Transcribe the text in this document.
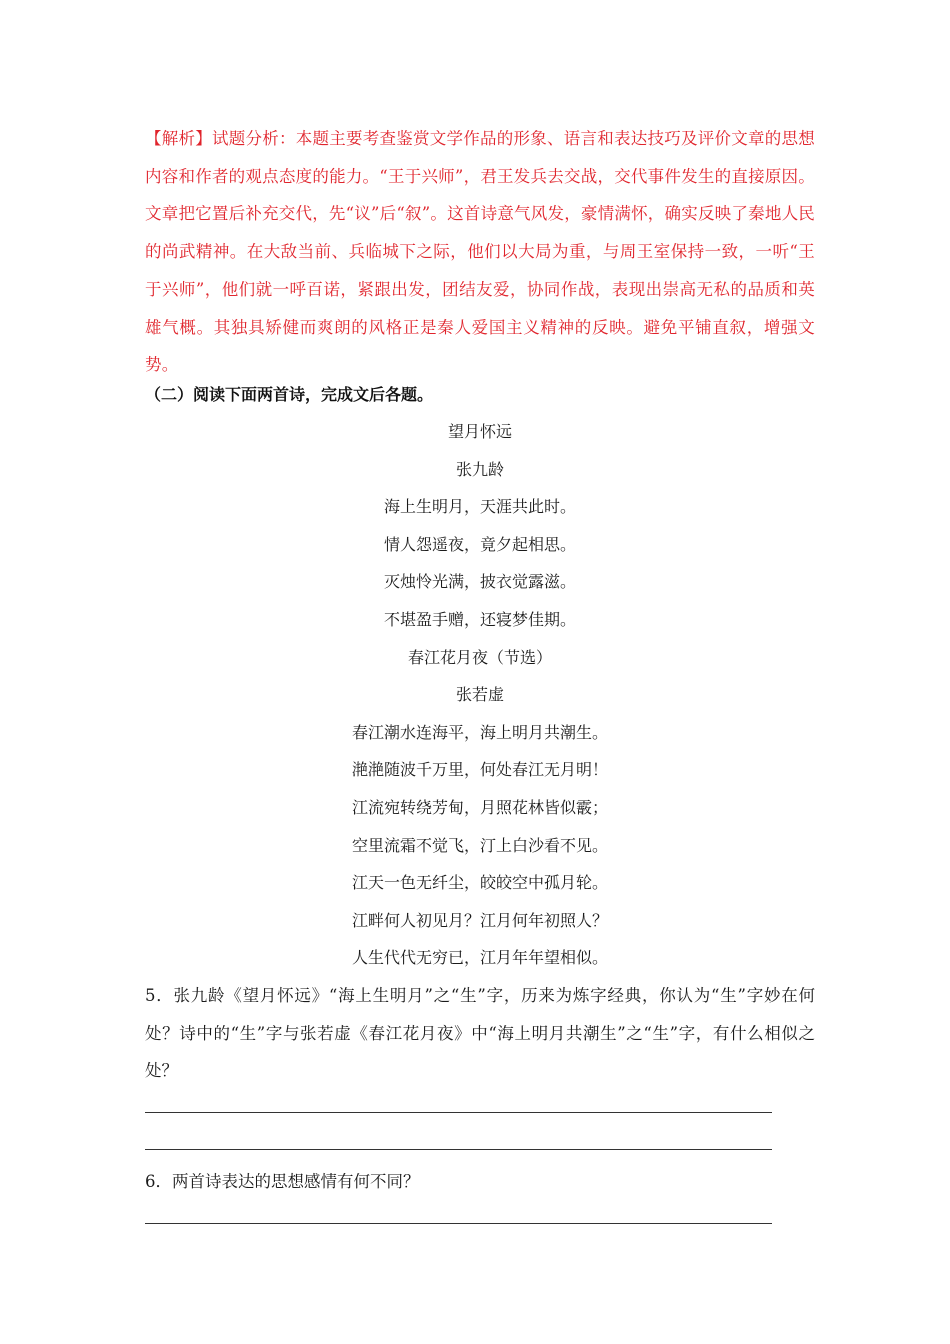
【解析】试题分析：本题主要考查鉴赏文学作品的形象、语言和表达技巧及评价文章的思想内容和作者的观点态度的能力。“王于兴师”，君王发兵去交战，交代事件发生的直接原因。文章把它置后补充交代，先“议”后“叙”。这首诗意气风发，豪情满怀，确实反映了秦地人民的尚武精神。在大敌当前、兵临城下之际，他们以大局为重，与周王室保持一致，一听“王于兴师”，他们就一呼百诺，紧跟出发，团结友爱，协同作战，表现出崇高无私的品质和英雄气概。其独具矫健而爽朗的风格正是秦人爱国主义精神的反映。避免平铺直叙，增强文势。
（二）阅读下面两首诗，完成文后各题。
望月怀远
张九龄
海上生明月，天涯共此时。
情人怨遥夜，竟夕起相思。
灭烛怜光满，披衣觉露滋。
不堪盈手赠，还寝梦佳期。
春江花月夜（节选）
张若虚
春江潮水连海平，海上明月共潮生。
滟滟随波千万里，何处春江无月明！
江流宛转绕芳甸，月照花林皆似霰；
空里流霜不觉飞，汀上白沙看不见。
江天一色无纤尘，皎皎空中孤月轮。
江畔何人初见月？江月何年初照人？
人生代代无穷已，江月年年望相似。
5．张九龄《望月怀远》“海上生明月”之“生”字，历来为炼字经典，你认为“生”字妙在何处？诗中的“生”字与张若虚《春江花月夜》中“海上明月共潮生”之“生”字，有什么相似之处？
6．两首诗表达的思想感情有何不同？
